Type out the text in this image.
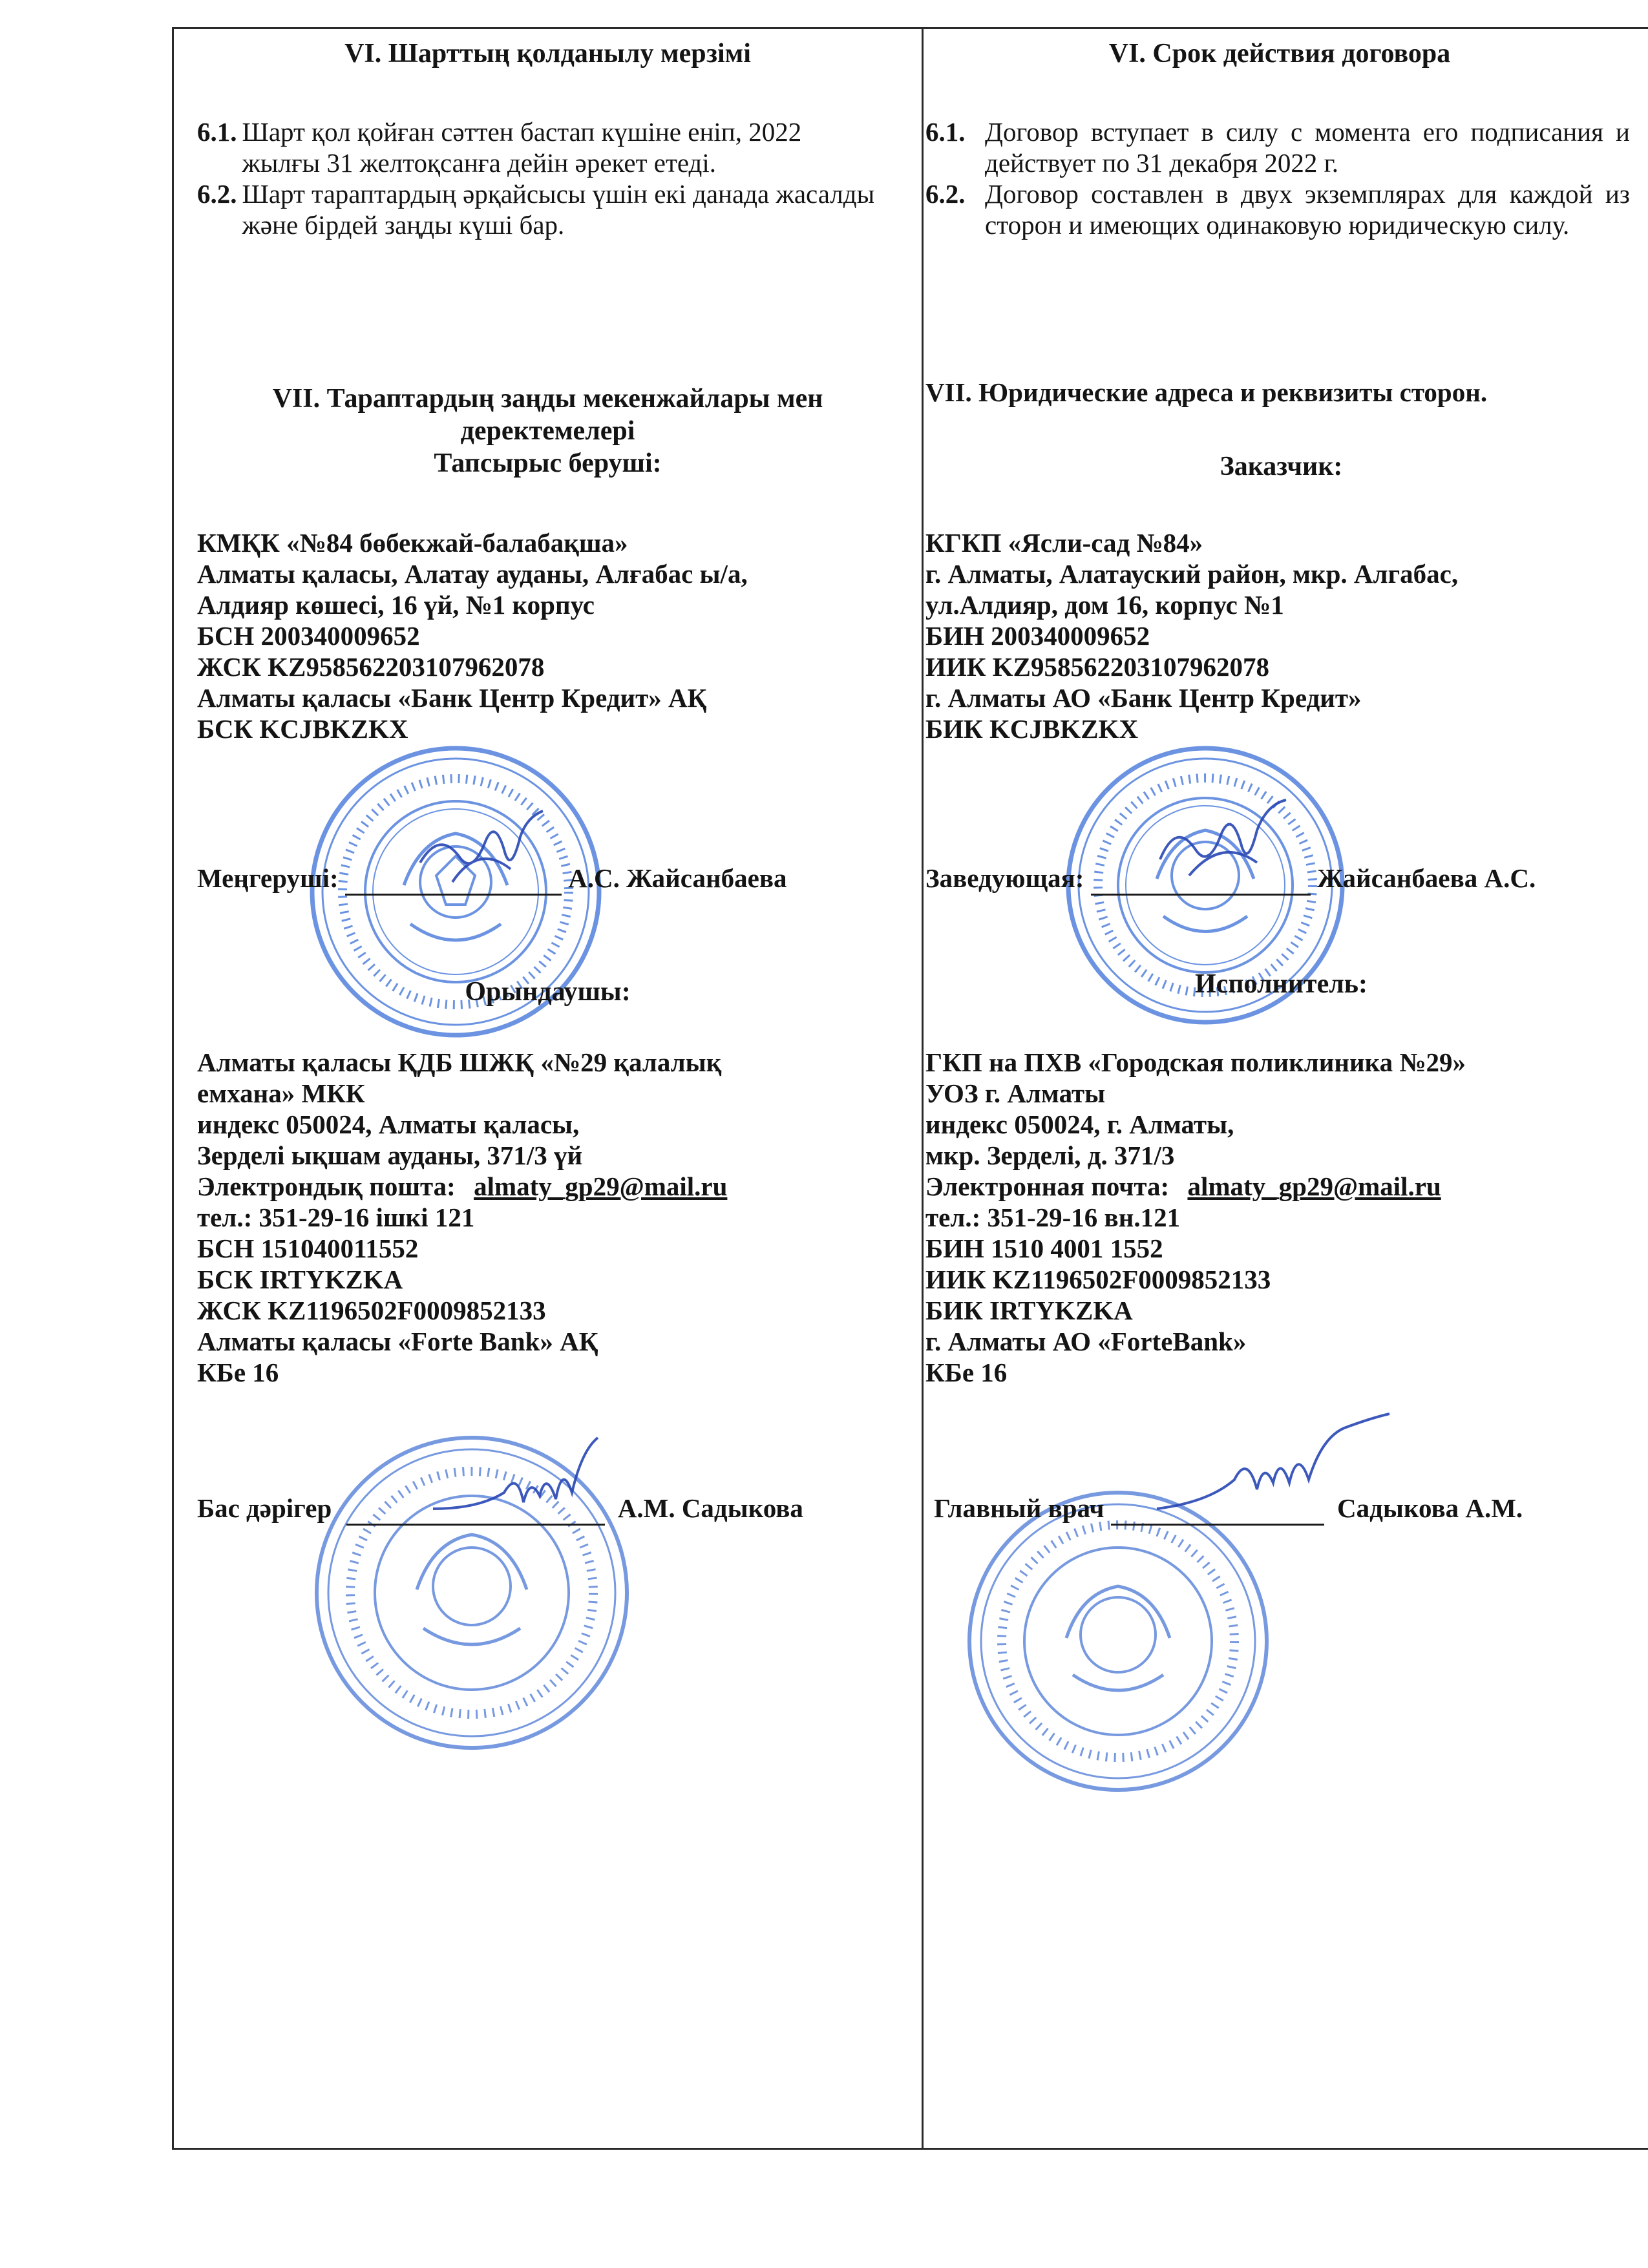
VI. Шарттың қолданылу мерзімі
6.1. Шарт қол қойған сәттен бастап күшіне еніп, 2022 жылғы 31 желтоқсанға дейін әрекет етеді.
6.2. Шарт тараптардың әрқайсысы үшін екі данада жасалды және бірдей заңды күші бар.
VII. Тараптардың заңды мекенжайлары мен
деректемелері
Тапсырыс беруші:
КМҚК «№84 бөбекжай-балабақша»
Алматы қаласы, Алатау ауданы, Алғабас ы/а,
Алдияр көшесі, 16 үй, №1 корпус
БСН 200340009652
ЖСК KZ958562203107962078
Алматы қаласы «Банк Центр Кредит» АҚ
БСК KCJBKZKX
Меңгеруші:	А.С. Жайсанбаева
Орындаушы:
Алматы қаласы ҚДБ ШЖҚ «№29 қалалық
емхана» МКК
индекс 050024, Алматы қаласы,
Зерделі ықшам ауданы, 371/3 үй
Электрондық пошта: almaty_gp29@mail.ru
тел.: 351-29-16 ішкі 121
БСН 151040011552
БСК IRTYKZKA
ЖСК KZ1196502F0009852133
Алматы қаласы «Forte Bank» АҚ
КБе 16
Бас дәрігер	А.М. Садыкова
VI. Срок действия договора
6.1. Договор вступает в силу с момента его подписания и действует по 31 декабря 2022 г.
6.2. Договор составлен в двух экземплярах для каждой из сторон и имеющих одинаковую юридическую силу.
VII. Юридические адреса и реквизиты сторон.
Заказчик:
КГКП «Ясли-сад №84»
г. Алматы, Алатауский район, мкр. Алгабас,
ул.Алдияр, дом 16, корпус №1
БИН 200340009652
ИИК KZ958562203107962078
г. Алматы АО «Банк Центр Кредит»
БИК KCJBKZKX
Заведующая:	Жайсанбаева А.С.
Исполнитель:
ГКП на ПХВ «Городская поликлиника №29»
УОЗ г. Алматы
индекс 050024, г. Алматы,
мкр. Зерделі, д. 371/3
Электронная почта: almaty_gp29@mail.ru
тел.: 351-29-16 вн.121
БИН 1510 4001 1552
ИИК KZ1196502F0009852133
БИК IRTYKZKA
г. Алматы АО «ForteBank»
КБе 16
Главный врач	Садыкова А.М.
